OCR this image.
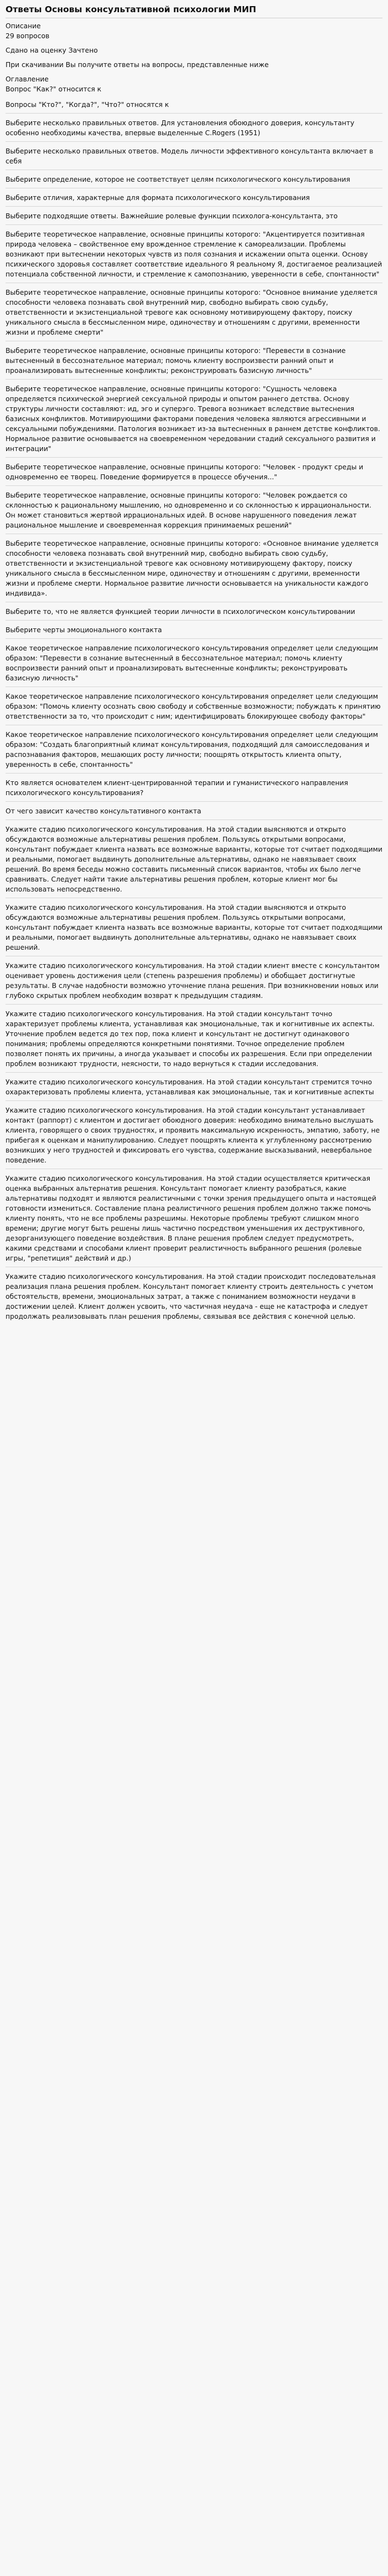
Ответы Основы консультативной психологии МИП

Описание

29 вопросов

Сдано на оценку Зачтено

При скачивании Вы получите ответы на вопросы, представленные ниже

Оглавление

Вопрос "Как?" относится к

Вопросы "Кто?", "Когда?", "Что?" относятся к

Выберите несколько правильных ответов. Для установления обоюдного доверия, консультанту особенно необходимы качества, впервые выделенные C.Rogers (1951)

Выберите несколько правильных ответов. Модель личности эффективного консультанта включает в себя

Выберите определение, которое не соответствует целям психологического консультирования

Выберите отличия, характерные для формата психологического консультирования

Выберите подходящие ответы. Важнейшие ролевые функции психолога-консультанта, это

Выберите теоретическое направление, основные принципы которого: "Акцентируется позитивная природа человека – свойственное ему врожденное стремление к самореализации. Проблемы возникают при вытеснении некоторых чувств из поля сознания и искажении опыта оценки. Основу психического здоровья составляет соответствие идеального Я реальному Я, достигаемое реализацией потенциала собственной личности, и стремление к самопознанию, уверенности в себе, спонтанности"

Выберите теоретическое направление, основные принципы которого: "Основное внимание уделяется способности человека познавать свой внутренний мир, свободно выбирать свою судьбу, ответственности и экзистенциальной тревоге как основному мотивирующему фактору, поиску уникального смысла в бессмысленном мире, одиночеству и отношениям с другими, временности жизни и проблеме смерти"

Выберите теоретическое направление, основные принципы которого: "Перевести в сознание вытесненный в бессознательное материал; помочь клиенту воспроизвести ранний опыт и проанализировать вытесненные конфликты; реконструировать базисную личность"

Выберите теоретическое направление, основные принципы которого: "Сущность человека определяется психической энергией сексуальной природы и опытом раннего детства. Основу структуры личности составляют: ид, эго и суперэго. Тревога возникает вследствие вытеснения базисных конфликтов. Мотивирующими факторами поведения человека являются агрессивными и сексуальными побуждениями. Патология возникает из-за вытесненных в раннем детстве конфликтов. Нормальное развитие основывается на своевременном чередовании стадий сексуального развития и интеграции"

Выберите теоретическое направление, основные принципы которого: "Человек - продукт среды и одновременно ее творец. Поведение формируется в процессе обучения..."

Выберите теоретическое направление, основные принципы которого: "Человек рождается со склонностью к рациональному мышлению, но одновременно и со склонностью к иррациональности. Он может становиться жертвой иррациональных идей. В основе нарушенного поведения лежат рациональное мышление и своевременная коррекция принимаемых решений"

Выберите теоретическое направление, основные принципы которого: «Основное внимание уделяется способности человека познавать свой внутренний мир, свободно выбирать свою судьбу, ответственности и экзистенциальной тревоге как основному мотивирующему фактору, поиску уникального смысла в бессмысленном мире, одиночеству и отношениям с другими, временности жизни и проблеме смерти. Нормальное развитие личности основывается на уникальности каждого индивида».

Выберите то, что не является функцией теории личности в психологическом консультировании

Выберите черты эмоционального контакта

Какое теоретическое направление психологического консультирования определяет цели следующим образом: "Перевести в сознание вытесненный в бессознательное материал; помочь клиенту воспроизвести ранний опыт и проанализировать вытесненные конфликты; реконструировать базисную личность"

Какое теоретическое направление психологического консультирования определяет цели следующим образом: "Помочь клиенту осознать свою свободу и собственные возможности; побуждать к принятию ответственности за то, что происходит с ним; идентифицировать блокирующее свободу факторы"

Какое теоретическое направление психологического консультирования определяет цели следующим образом: "Создать благоприятный климат консультирования, подходящий для самоисследования и распознавания факторов, мешающих росту личности; поощрять открытость клиента опыту, уверенность в себе, спонтанность"

Кто является основателем клиент-центрированной терапии и гуманистического направления психологического консультирования?

От чего зависит качество консультативного контакта

Укажите стадию психологического консультирования. На этой стадии выясняются и открыто обсуждаются возможные альтернативы решения проблем. Пользуясь открытыми вопросами, консультант побуждает клиента назвать все возможные варианты, которые тот считает подходящими и реальными, помогает выдвинуть дополнительные альтернативы, однако не навязывает своих решений. Во время беседы можно составить письменный список вариантов, чтобы их было легче сравнивать. Следует найти такие альтернативы решения проблем, которые клиент мог бы использовать непосредственно.

Укажите стадию психологического консультирования. На этой стадии выясняются и открыто обсуждаются возможные альтернативы решения проблем. Пользуясь открытыми вопросами, консультант побуждает клиента назвать все возможные варианты, которые тот считает подходящими и реальными, помогает выдвинуть дополнительные альтернативы, однако не навязывает своих решений.

Укажите стадию психологического консультирования. На этой стадии клиент вместе с консультантом оценивает уровень достижения цели (степень разрешения проблемы) и обобщает достигнутые результаты. В случае надобности возможно уточнение плана решения. При возникновении новых или глубоко скрытых проблем необходим возврат к предыдущим стадиям.

Укажите стадию психологического консультирования. На этой стадии консультант точно характеризует проблемы клиента, устанавливая как эмоциональные, так и когнитивные их аспекты. Уточнение проблем ведется до тех пор, пока клиент и консультант не достигнут одинакового понимания; проблемы определяются конкретными понятиями. Точное определение проблем позволяет понять их причины, а иногда указывает и способы их разрешения. Если при определении проблем возникают трудности, неясности, то надо вернуться к стадии исследования.

Укажите стадию психологического консультирования. На этой стадии консультант стремится точно охарактеризовать проблемы клиента, устанавливая как эмоциональные, так и когнитивные аспекты

Укажите стадию психологического консультирования. На этой стадии консультант устанавливает контакт (раппорт) с клиентом и достигает обоюдного доверия: необходимо внимательно выслушать клиента, говорящего о своих трудностях, и проявить максимальную искренность, эмпатию, заботу, не прибегая к оценкам и манипулированию. Следует поощрять клиента к углубленному рассмотрению возникших у него трудностей и фиксировать его чувства, содержание высказываний, невербальное поведение.

Укажите стадию психологического консультирования. На этой стадии осуществляется критическая оценка выбранных альтернатив решения. Консультант помогает клиенту разобраться, какие альтернативы подходят и являются реалистичными с точки зрения предыдущего опыта и настоящей готовности измениться. Составление плана реалистичного решения проблем должно также помочь клиенту понять, что не все проблемы разрешимы. Некоторые проблемы требуют слишком много времени; другие могут быть решены лишь частично посредством уменьшения их деструктивного, дезорганизующего поведение воздействия. В плане решения проблем следует предусмотреть, какими средствами и способами клиент проверит реалистичность выбранного решения (ролевые игры, "репетиция" действий и др.)

Укажите стадию психологического консультирования. На этой стадии происходит последовательная реализация плана решения проблем. Консультант помогает клиенту строить деятельность с учетом обстоятельств, времени, эмоциональных затрат, а также с пониманием возможности неудачи в достижении целей. Клиент должен усвоить, что частичная неудача - еще не катастрофа и следует продолжать реализовывать план решения проблемы, связывая все действия с конечной целью.
